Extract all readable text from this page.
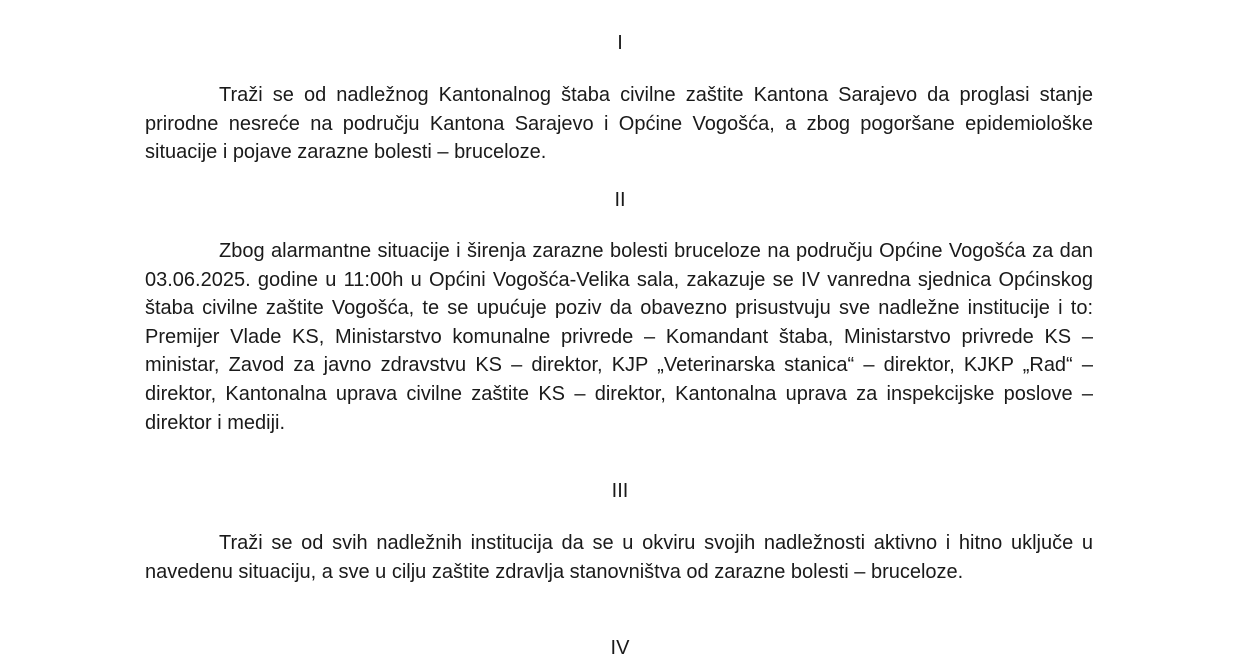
I

Traži se od nadležnog Kantonalnog štaba civilne zaštite Kantona Sarajevo da proglasi stanje prirodne nesreće na području Kantona Sarajevo i Općine Vogošća, a zbog pogoršane epidemiološke situacije i pojave zarazne bolesti – bruceloze.

II

Zbog alarmantne situacije i širenja zarazne bolesti bruceloze na području Općine Vogošća za dan 03.06.2025. godine u 11:00h u Općini Vogošća-Velika sala, zakazuje se IV vanredna sjednica Općinskog štaba civilne zaštite Vogošća, te se upućuje poziv da obavezno prisustvuju sve nadležne institucije i to: Premijer Vlade KS, Ministarstvo komunalne privrede – Komandant štaba, Ministarstvo privrede KS – ministar, Zavod za javno zdravstvu KS – direktor, KJP „Veterinarska stanica“ – direktor, KJKP „Rad“ – direktor, Kantonalna uprava civilne zaštite KS – direktor, Kantonalna uprava za inspekcijske poslove – direktor i mediji.

III

Traži se od svih nadležnih institucija da se u okviru svojih nadležnosti aktivno i hitno uključe u navedenu situaciju, a sve u cilju zaštite zdravlja stanovništva od zarazne bolesti – bruceloze.

IV
